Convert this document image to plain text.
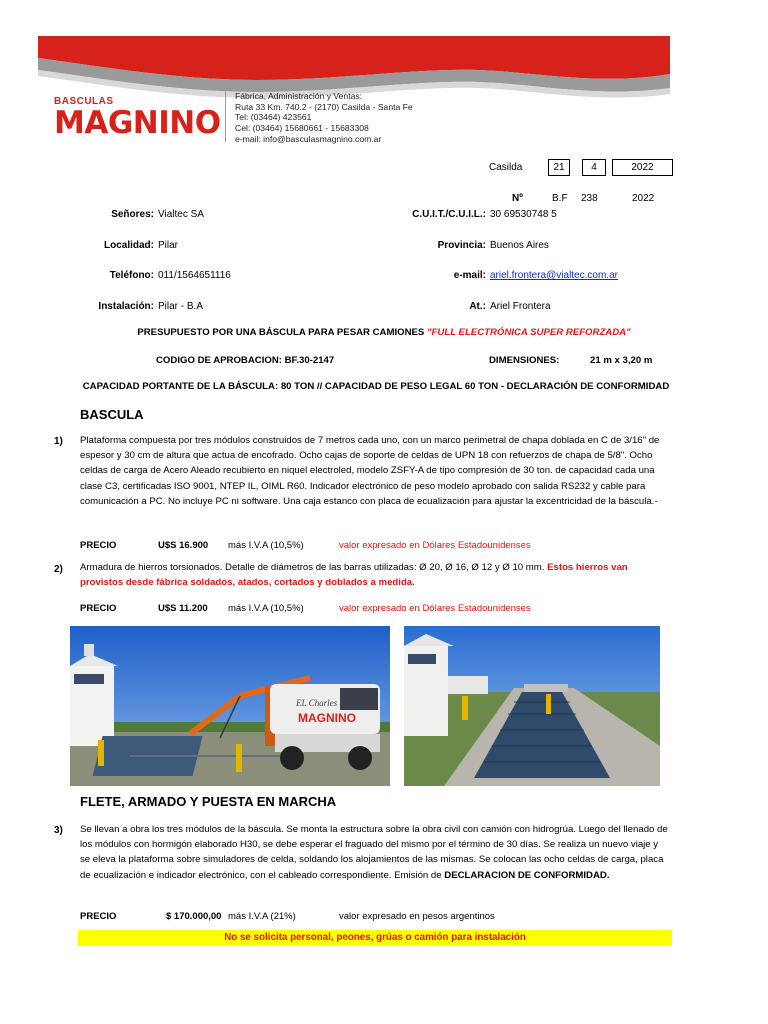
BASCULAS
MAGNINO
Fábrica, Administración y Ventas:
Ruta 33 Km. 740.2 - (2170) Casilda - Santa Fe
Tel: (03464) 423561
Cel: (03464) 15680661 - 15683308
e-mail: info@basculasmagnino.com.ar
Casilda	21	4	2022
Nº	B.F 238	2022
Señores: Vialtec SA	C.U.I.T./C.U.I.L.: 30 69530748 5
Localidad: Pilar	Provincia: Buenos Aires
Teléfono: 011/1564651116	e-mail: ariel.frontera@vialtec.com.ar
Instalación: Pilar - B.A	At.: Ariel Frontera
PRESUPUESTO POR UNA BÁSCULA PARA PESAR CAMIONES "FULL ELECTRÓNICA SUPER REFORZADA"
CODIGO DE APROBACION: BF.30-2147	DIMENSIONES:	21 m x 3,20 m
CAPACIDAD PORTANTE DE LA BÁSCULA: 80 TON // CAPACIDAD DE PESO LEGAL 60 TON - DECLARACIÓN DE CONFORMIDAD
BASCULA
1) Plataforma compuesta por tres módulos construidos de 7 metros cada uno, con un marco perimetral de chapa doblada en C de 3/16" de espesor y 30 cm de altura que actua de encofrado. Ocho cajas de soporte de celdas de UPN 18 con refuerzos de chapa de 5/8". Ocho celdas de carga de Acero Aleado recubierto en niquel electroled, modelo ZSFY-A de tipo compresión de 30 ton. de capacidad cada una clase C3, certificadas ISO 9001, NTEP IL, OIML R60. Indicador electrónico de peso modelo aprobado con salida RS232 y cable para comunicación a PC. No incluye PC ni software. Una caja estanco con placa de ecualización para ajustar la excentricidad de la báscula.-
PRECIO	U$S 16.900 más I.V.A (10,5%)	valor expresado en Dólares Estadounidenses
2) Armadura de hierros torsionados. Detalle de diámetros de las barras utilizadas: Ø 20, Ø 16, Ø 12 y Ø 10 mm. Estos hierros van provistos desde fábrica soldados, atados, cortados y doblados a medida.
PRECIO	U$S 11.200 más I.V.A (10,5%)	valor expresado en Dólares Estadounidenses
EL Charles
MAGNINO
FLETE, ARMADO Y PUESTA EN MARCHA
3) Se llevan a obra los tres módulos de la báscula. Se monta la estructura sobre la obra civil con camión con hidrogrúa. Luego del llenado de los módulos con hormigón elaborado H30, se debe esperar el fraguado del mismo por el término de 30 días. Se realiza un nuevo viaje y se eleva la plataforma sobre simuladores de celda, soldando los alojamientos de las mismas. Se colocan las ocho celdas de carga, placa de ecualización e indicador electrónico, con el cableado correspondiente. Emisión de DECLARACION DE CONFORMIDAD.
PRECIO	$ 170.000,00 más I.V.A (21%)	valor expresado en pesos argentinos
No se solicita personal, peones, grúas o camión para instalación
